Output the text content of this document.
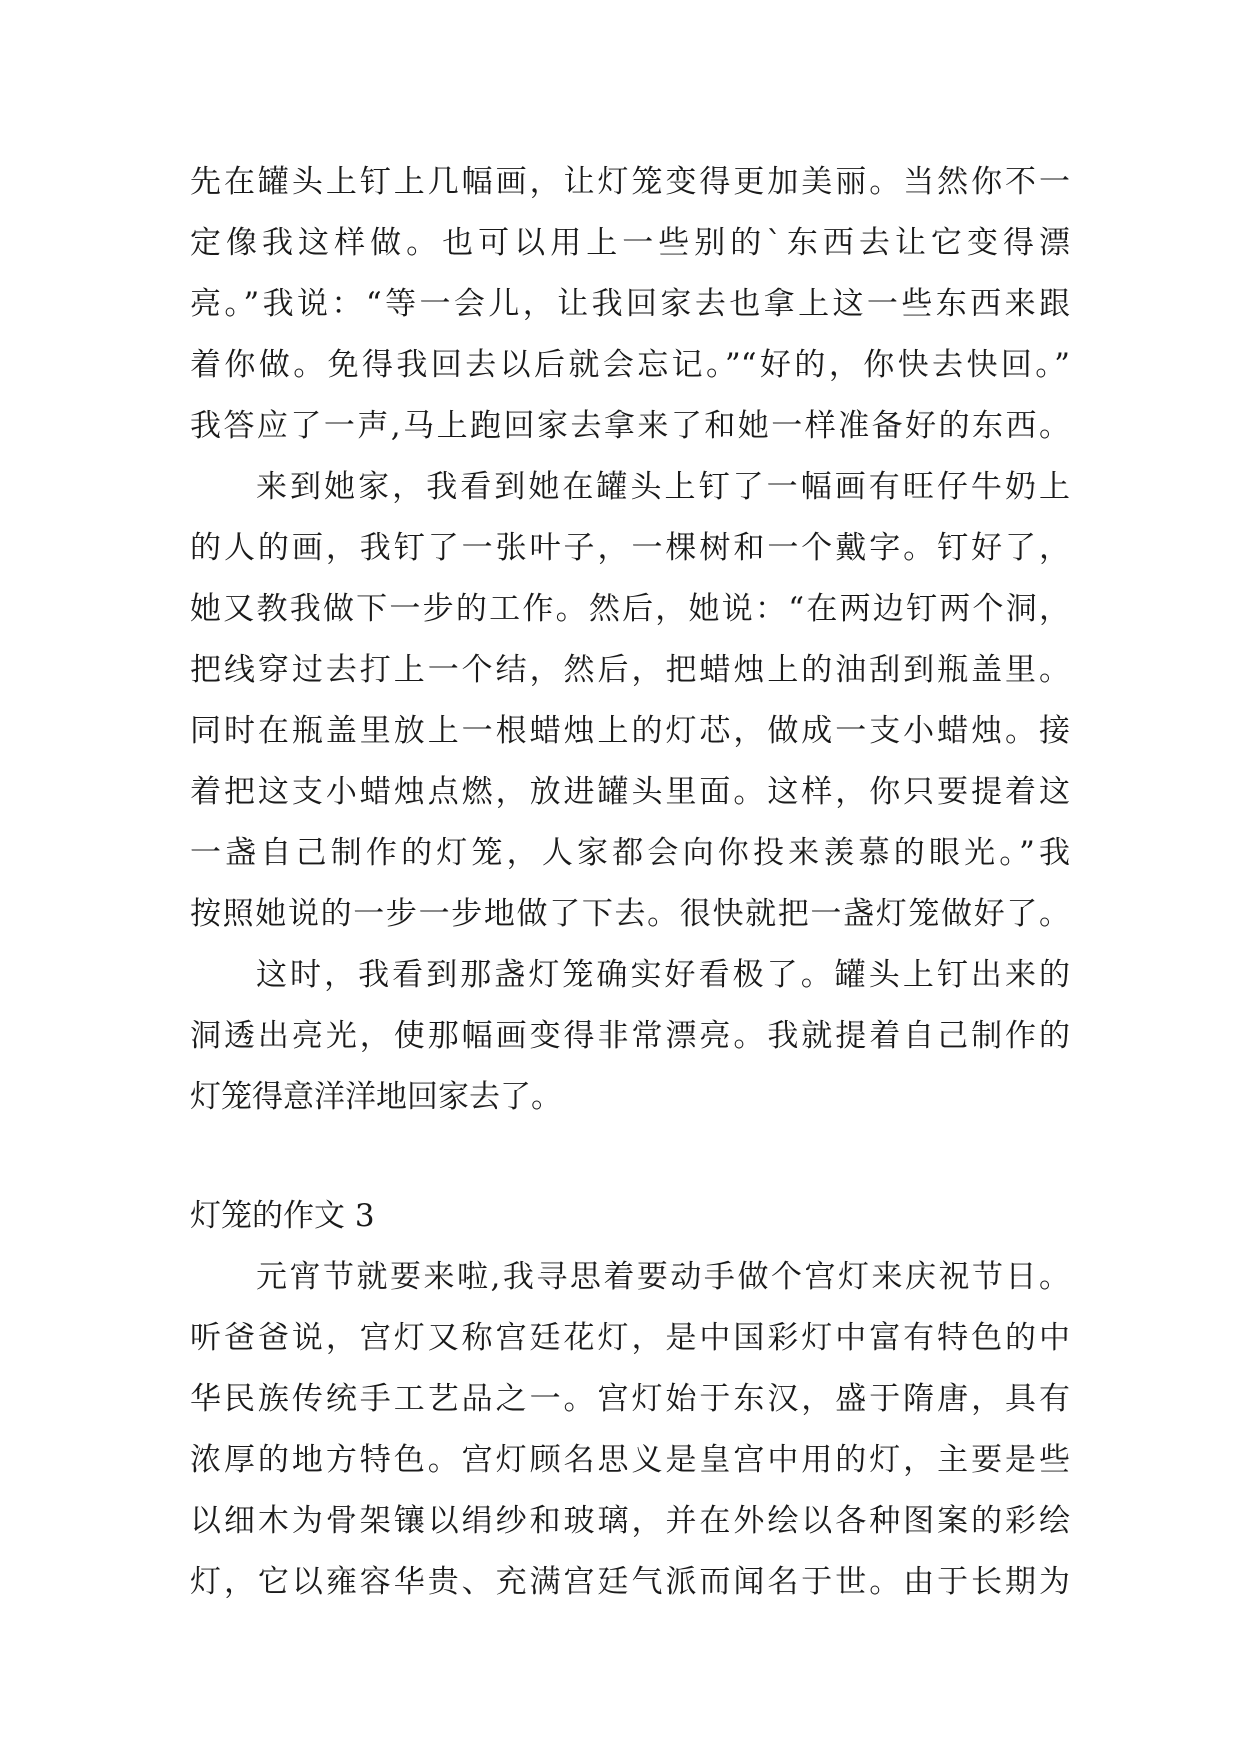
先在罐头上钉上几幅画，让灯笼变得更加美丽。当然你不一
定像我这样做。也可以用上一些别的`东西去让它变得漂
亮。”我说：“等一会儿，让我回家去也拿上这一些东西来跟
着你做。免得我回去以后就会忘记。”“好的，你快去快回。”
我答应了一声,马上跑回家去拿来了和她一样准备好的东西。
来到她家，我看到她在罐头上钉了一幅画有旺仔牛奶上
的人的画，我钉了一张叶子，一棵树和一个戴字。钉好了，
她又教我做下一步的工作。然后，她说：“在两边钉两个洞，
把线穿过去打上一个结，然后，把蜡烛上的油刮到瓶盖里。
同时在瓶盖里放上一根蜡烛上的灯芯，做成一支小蜡烛。接
着把这支小蜡烛点燃，放进罐头里面。这样，你只要提着这
一盏自己制作的灯笼，人家都会向你投来羡慕的眼光。”我
按照她说的一步一步地做了下去。很快就把一盏灯笼做好了。
这时，我看到那盏灯笼确实好看极了。罐头上钉出来的
洞透出亮光，使那幅画变得非常漂亮。我就提着自己制作的
灯笼得意洋洋地回家去了。
灯笼的作文 3
元宵节就要来啦,我寻思着要动手做个宫灯来庆祝节日。
听爸爸说，宫灯又称宫廷花灯，是中国彩灯中富有特色的中
华民族传统手工艺品之一。宫灯始于东汉，盛于隋唐，具有
浓厚的地方特色。宫灯顾名思义是皇宫中用的灯，主要是些
以细木为骨架镶以绢纱和玻璃，并在外绘以各种图案的彩绘
灯，它以雍容华贵、充满宫廷气派而闻名于世。由于长期为
